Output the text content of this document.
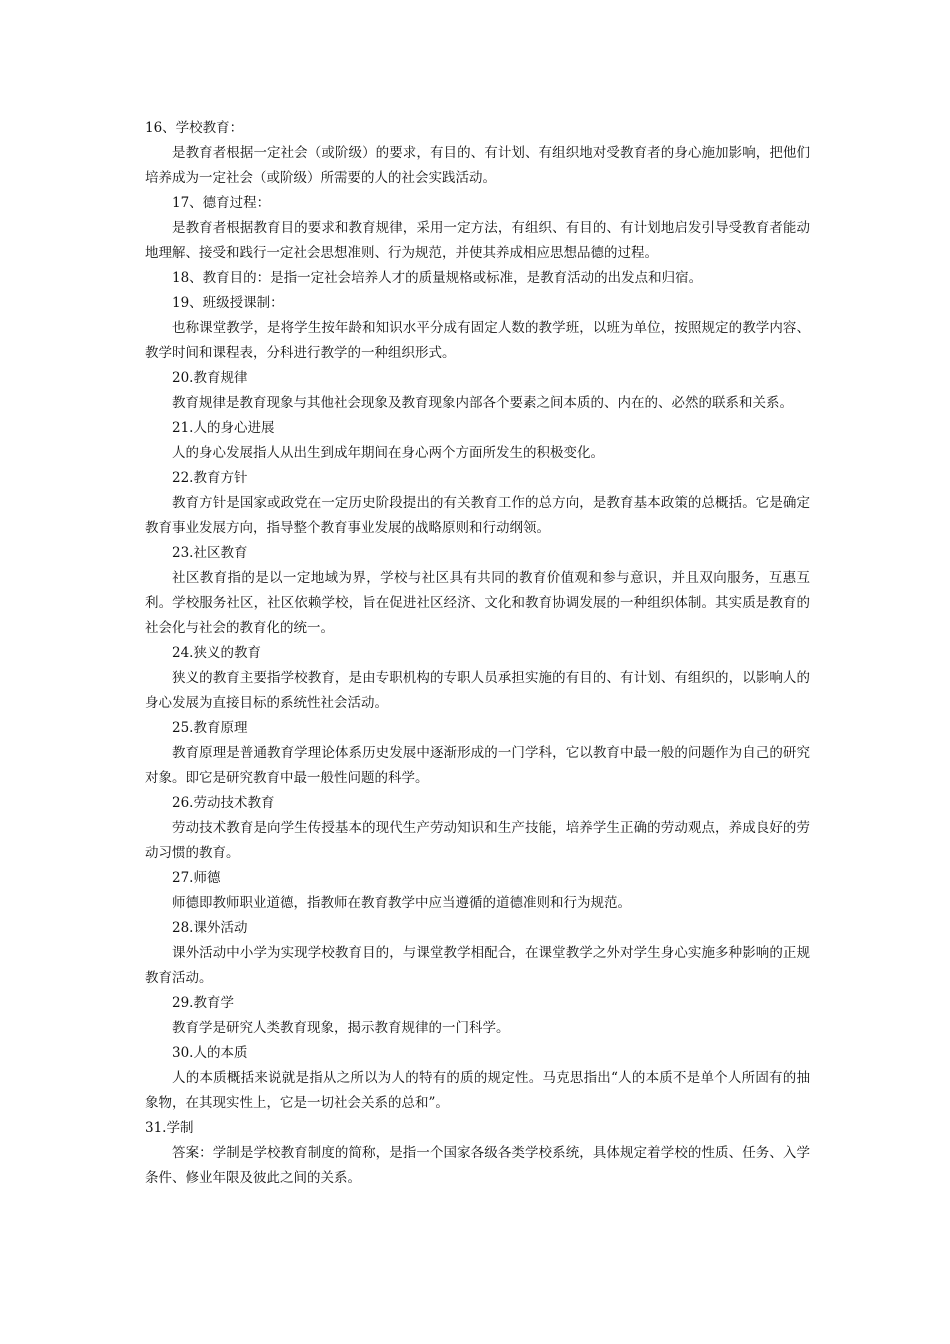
16、学校教育：

是教育者根据一定社会（或阶级）的要求，有目的、有计划、有组织地对受教育者的身心施加影响，把他们培养成为一定社会（或阶级）所需要的人的社会实践活动。

17、德育过程：

是教育者根据教育目的要求和教育规律，采用一定方法，有组织、有目的、有计划地启发引导受教育者能动地理解、接受和践行一定社会思想准则、行为规范，并使其养成相应思想品德的过程。

18、教育目的：是指一定社会培养人才的质量规格或标准，是教育活动的出发点和归宿。

19、班级授课制：

也称课堂教学，是将学生按年龄和知识水平分成有固定人数的教学班，以班为单位，按照规定的教学内容、教学时间和课程表，分科进行教学的一种组织形式。

20.教育规律

教育规律是教育现象与其他社会现象及教育现象内部各个要素之间本质的、内在的、必然的联系和关系。

21.人的身心进展

人的身心发展指人从出生到成年期间在身心两个方面所发生的积极变化。

22.教育方针

教育方针是国家或政党在一定历史阶段提出的有关教育工作的总方向，是教育基本政策的总概括。它是确定教育事业发展方向，指导整个教育事业发展的战略原则和行动纲领。

23.社区教育

社区教育指的是以一定地域为界，学校与社区具有共同的教育价值观和参与意识，并且双向服务，互惠互利。学校服务社区，社区依赖学校，旨在促进社区经济、文化和教育协调发展的一种组织体制。其实质是教育的社会化与社会的教育化的统一。

24.狭义的教育

狭义的教育主要指学校教育，是由专职机构的专职人员承担实施的有目的、有计划、有组织的，以影响人的身心发展为直接目标的系统性社会活动。

25.教育原理

教育原理是普通教育学理论体系历史发展中逐渐形成的一门学科，它以教育中最一般的问题作为自己的研究对象。即它是研究教育中最一般性问题的科学。

26.劳动技术教育

劳动技术教育是向学生传授基本的现代生产劳动知识和生产技能，培养学生正确的劳动观点，养成良好的劳动习惯的教育。

27.师德

师德即教师职业道德，指教师在教育教学中应当遵循的道德准则和行为规范。

28.课外活动

课外活动中小学为实现学校教育目的，与课堂教学相配合，在课堂教学之外对学生身心实施多种影响的正规教育活动。

29.教育学

教育学是研究人类教育现象，揭示教育规律的一门科学。

30.人的本质

人的本质概括来说就是指从之所以为人的特有的质的规定性。马克思指出“人的本质不是单个人所固有的抽象物，在其现实性上，它是一切社会关系的总和”。

31.学制

答案：学制是学校教育制度的简称，是指一个国家各级各类学校系统，具体规定着学校的性质、任务、入学条件、修业年限及彼此之间的关系。
